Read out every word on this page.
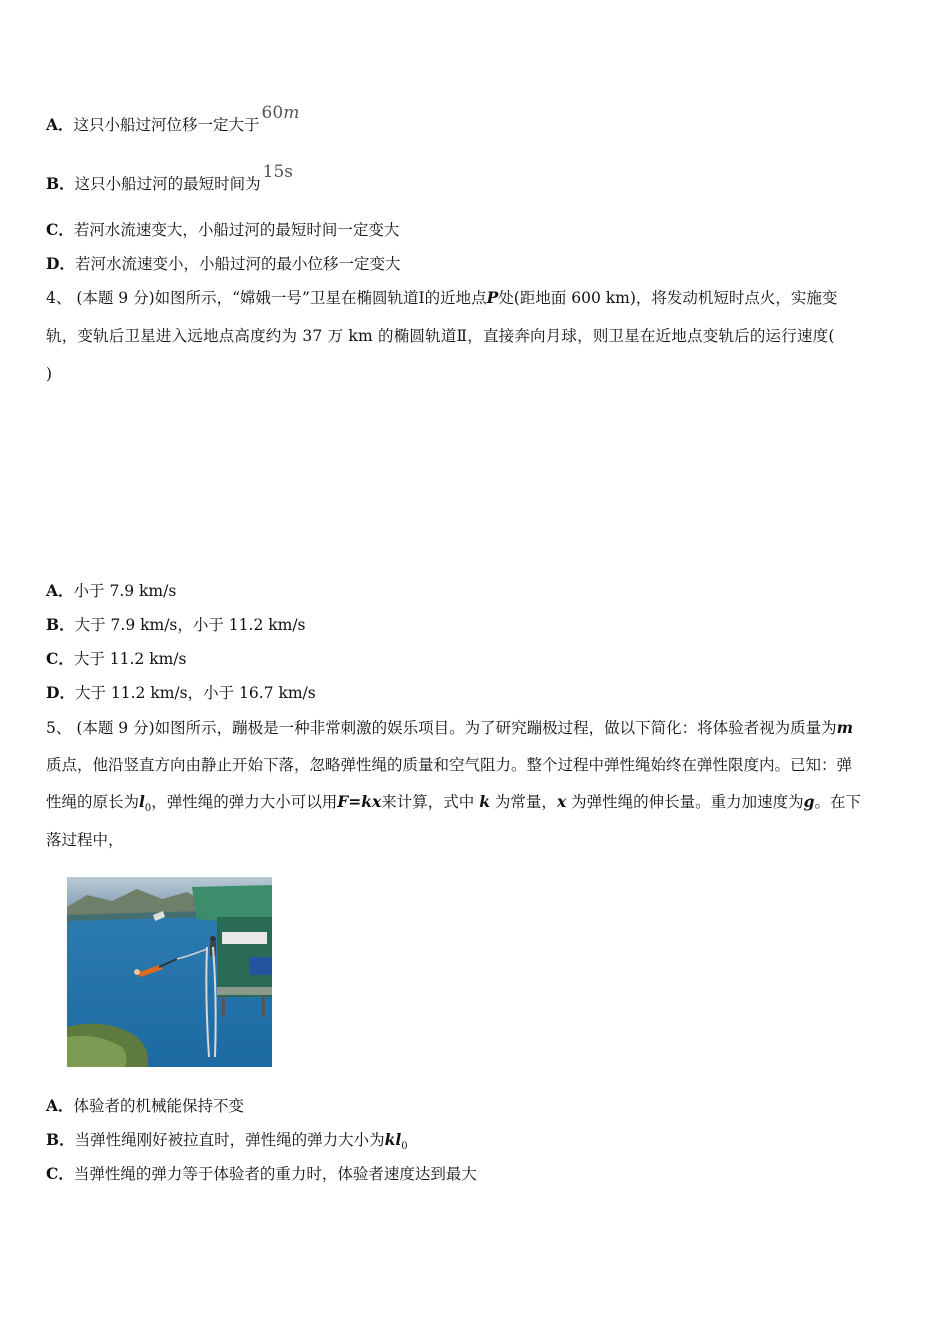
A．这只小船过河位移一定大于60m
B．这只小船过河的最短时间为15s
C．若河水流速变大，小船过河的最短时间一定变大
D．若河水流速变小，小船过河的最小位移一定变大
4、 (本题 9 分)如图所示，“嫦娥一号”卫星在椭圆轨道Ⅰ的近地点P处(距地面 600 km)，将发动机短时点火，实施变
轨，变轨后卫星进入远地点高度约为 37 万 km 的椭圆轨道Ⅱ，直接奔向月球，则卫星在近地点变轨后的运行速度(
)
A．小于 7.9 km/s
B．大于 7.9 km/s，小于 11.2 km/s
C．大于 11.2 km/s
D．大于 11.2 km/s，小于 16.7 km/s
5、 (本题 9 分)如图所示，蹦极是一种非常刺激的娱乐项目。为了研究蹦极过程，做以下简化：将体验者视为质量为m
质点，他沿竖直方向由静止开始下落，忽略弹性绳的质量和空气阻力。整个过程中弹性绳始终在弹性限度内。已知：弹
性绳的原长为$l_0$，弹性绳的弹力大小可以用F=kx来计算，式中 k 为常量，x 为弹性绳的伸长量。重力加速度为g。在下
落过程中，
A．体验者的机械能保持不变
B．当弹性绳刚好被拉直时，弹性绳的弹力大小为$kl_0$
C．当弹性绳的弹力等于体验者的重力时，体验者速度达到最大
